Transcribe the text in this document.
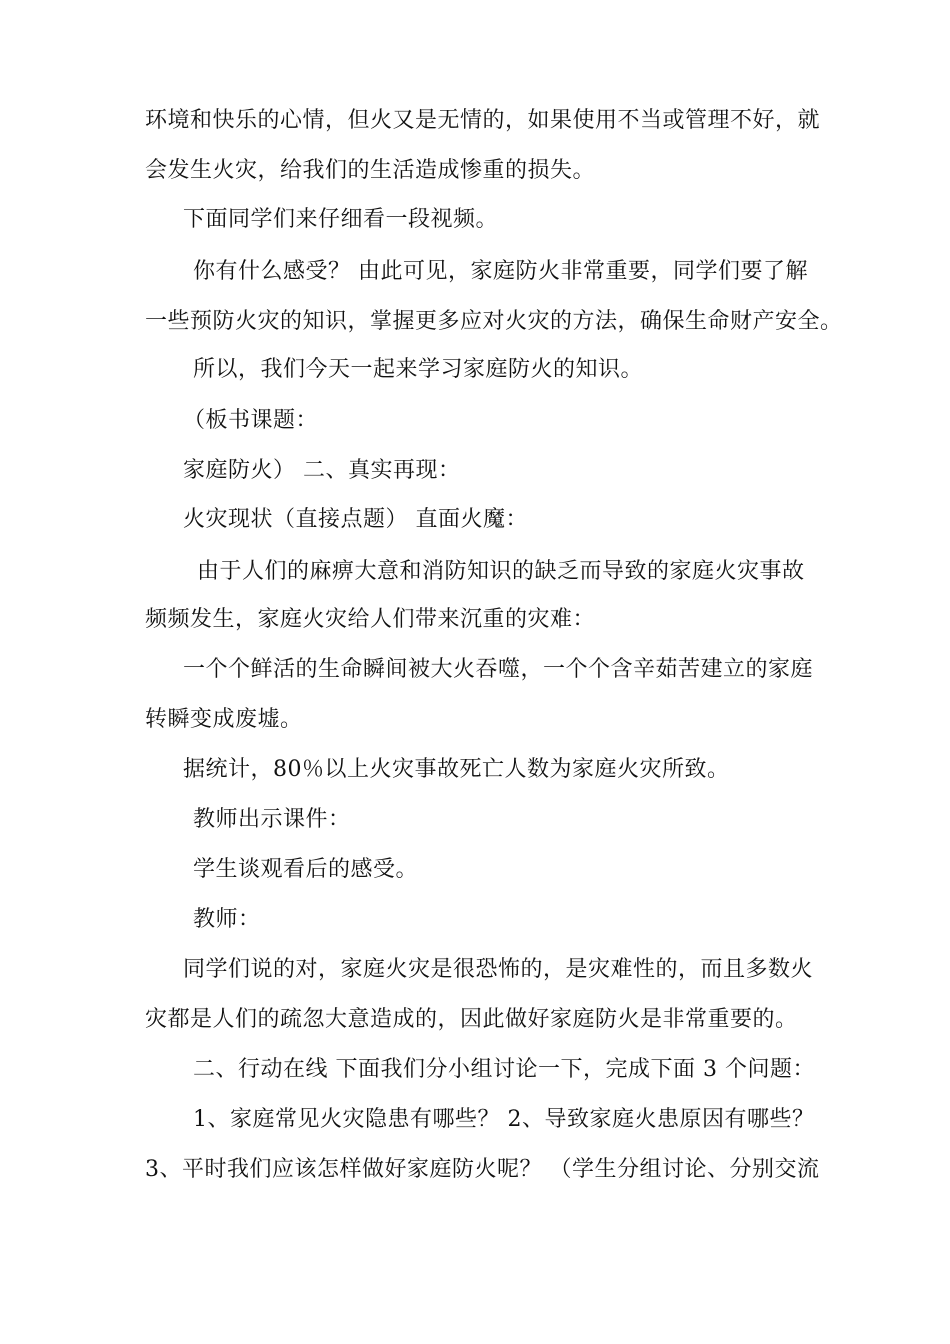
环境和快乐的心情，但火又是无情的，如果使用不当或管理不好，就
会发生火灾，给我们的生活造成惨重的损失。
下面同学们来仔细看一段视频。
你有什么感受？ 由此可见，家庭防火非常重要，同学们要了解
一些预防火灾的知识，掌握更多应对火灾的方法，确保生命财产安全。
所以，我们今天一起来学习家庭防火的知识。
（板书课题：
家庭防火） 二、真实再现：
火灾现状（直接点题） 直面火魔：
由于人们的麻痹大意和消防知识的缺乏而导致的家庭火灾事故
频频发生，家庭火灾给人们带来沉重的灾难：
一个个鲜活的生命瞬间被大火吞噬，一个个含辛茹苦建立的家庭
转瞬变成废墟。
据统计，80％以上火灾事故死亡人数为家庭火灾所致。
教师出示课件：
学生谈观看后的感受。
教师：
同学们说的对，家庭火灾是很恐怖的，是灾难性的，而且多数火
灾都是人们的疏忽大意造成的，因此做好家庭防火是非常重要的。
二、行动在线 下面我们分小组讨论一下，完成下面 3 个问题：
1、家庭常见火灾隐患有哪些？ 2、导致家庭火患原因有哪些？
3、平时我们应该怎样做好家庭防火呢？ （学生分组讨论、分别交流
